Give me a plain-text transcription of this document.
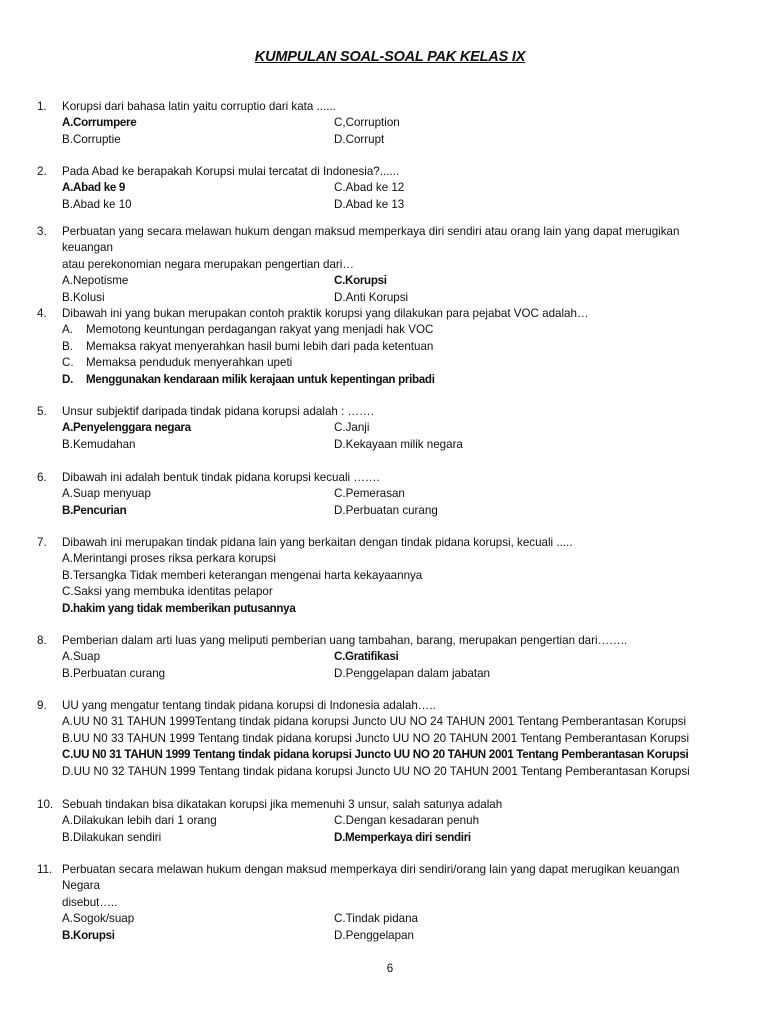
KUMPULAN SOAL-SOAL PAK KELAS IX
1.	Korupsi dari bahasa latin yaitu corruptio dari kata ......
A.Corrumpere	C,Corruption
B.Corruptie	D.Corrupt
2.	Pada Abad ke berapakah Korupsi mulai tercatat di Indonesia?......
A.Abad ke 9	C.Abad ke 12
B.Abad ke 10	D.Abad ke 13
3.	Perbuatan yang secara melawan hukum dengan maksud memperkaya diri sendiri atau orang lain yang dapat merugikan keuangan
atau perekonomian negara merupakan pengertian dari…
A.Nepotisme	C.Korupsi
B.Kolusi	D.Anti Korupsi
4.	Dibawah ini yang bukan merupakan contoh praktik korupsi yang dilakukan para pejabat VOC adalah…
A.	Memotong keuntungan perdagangan rakyat yang menjadi hak VOC
B.	Memaksa rakyat menyerahkan hasil bumi lebih dari pada ketentuan
C.	Memaksa penduduk menyerahkan upeti
D.	Menggunakan kendaraan milik kerajaan untuk kepentingan pribadi
5.	Unsur subjektif daripada tindak pidana korupsi adalah : …….
A.Penyelenggara negara	C.Janji
B.Kemudahan	D.Kekayaan milik negara
6.	Dibawah ini adalah bentuk tindak pidana korupsi kecuali …….
A.Suap menyuap	C.Pemerasan
B.Pencurian	D.Perbuatan curang
7.	Dibawah ini merupakan tindak pidana lain yang berkaitan dengan tindak pidana korupsi, kecuali .....
A.Merintangi proses riksa perkara korupsi
B.Tersangka Tidak memberi keterangan mengenai harta kekayaannya
C.Saksi yang membuka identitas pelapor
D.hakim yang tidak memberikan putusannya
8.	Pemberian dalam arti luas yang meliputi pemberian uang tambahan, barang, merupakan pengertian dari……..
A.Suap	C.Gratifikasi
B.Perbuatan curang	D.Penggelapan dalam jabatan
9.	UU yang mengatur tentang tindak pidana korupsi di Indonesia adalah…..
A.UU N0 31 TAHUN 1999Tentang tindak pidana korupsi Juncto UU NO 24 TAHUN 2001 Tentang Pemberantasan Korupsi
B.UU N0 33 TAHUN 1999 Tentang tindak pidana korupsi Juncto UU NO 20 TAHUN 2001 Tentang Pemberantasan Korupsi
C.UU N0 31 TAHUN 1999 Tentang tindak pidana korupsi Juncto UU NO 20 TAHUN 2001 Tentang Pemberantasan Korupsi
D.UU N0 32 TAHUN 1999 Tentang tindak pidana korupsi Juncto UU NO 20 TAHUN 2001 Tentang Pemberantasan Korupsi
10. Sebuah tindakan bisa dikatakan korupsi jika memenuhi 3 unsur, salah satunya adalah
A.Dilakukan lebih dari 1 orang	C.Dengan kesadaran penuh
B.Dilakukan sendiri	D.Memperkaya diri sendiri
11. Perbuatan secara melawan hukum dengan maksud memperkaya diri sendiri/orang lain yang dapat merugikan keuangan Negara
disebut…..
A.Sogok/suap	C.Tindak pidana
B.Korupsi	D.Penggelapan
6
